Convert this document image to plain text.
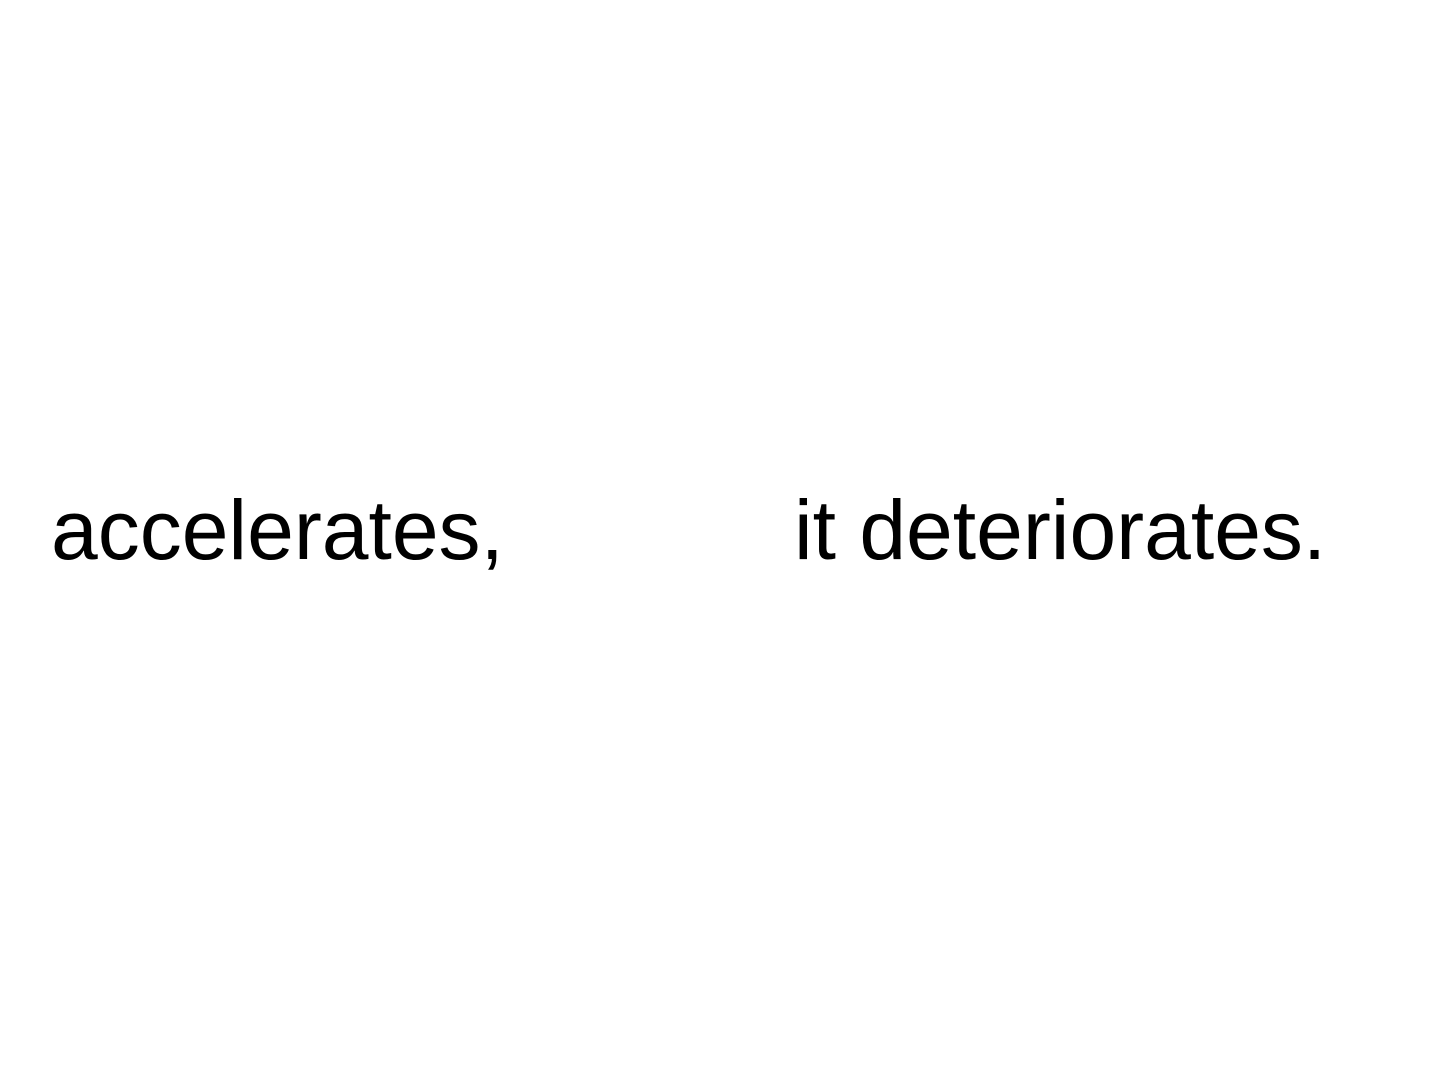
accelerates,	it deteriorates.
